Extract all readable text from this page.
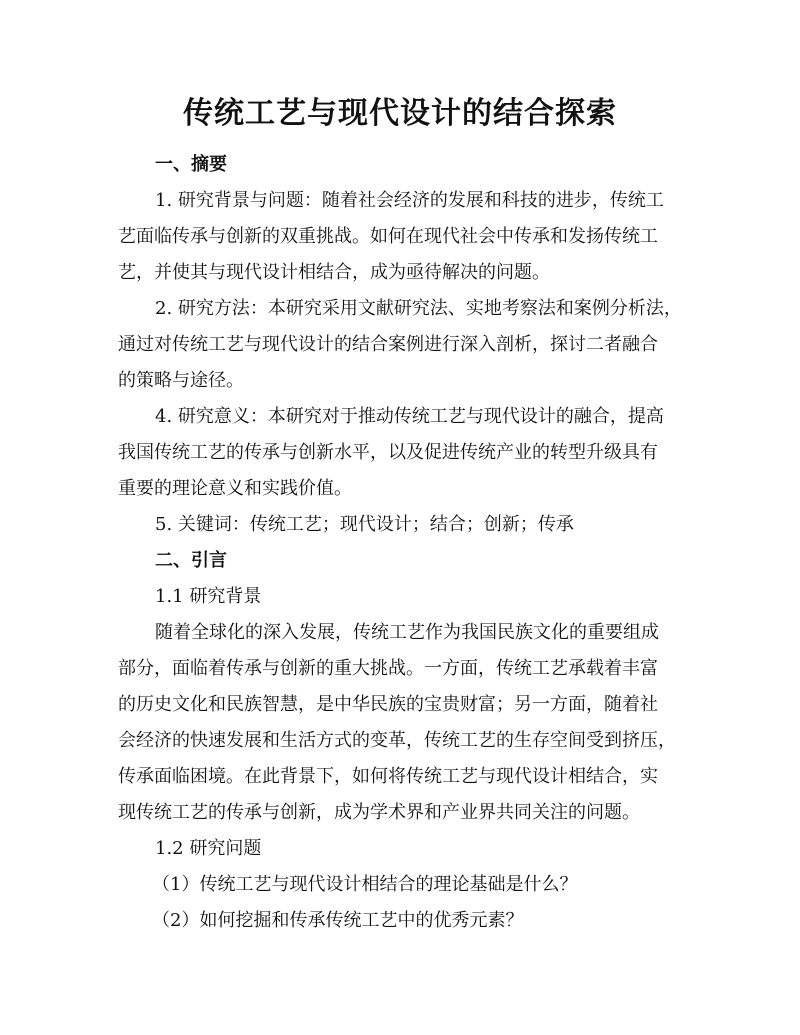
传统工艺与现代设计的结合探索

一、摘要

1. 研究背景与问题：随着社会经济的发展和科技的进步，传统工

艺面临传承与创新的双重挑战。如何在现代社会中传承和发扬传统工

艺，并使其与现代设计相结合，成为亟待解决的问题。

2. 研究方法：本研究采用文献研究法、实地考察法和案例分析法，

通过对传统工艺与现代设计的结合案例进行深入剖析，探讨二者融合

的策略与途径。

4. 研究意义：本研究对于推动传统工艺与现代设计的融合，提高

我国传统工艺的传承与创新水平，以及促进传统产业的转型升级具有

重要的理论意义和实践价值。

5. 关键词：传统工艺；现代设计；结合；创新；传承

二、引言

1.1 研究背景

随着全球化的深入发展，传统工艺作为我国民族文化的重要组成

部分，面临着传承与创新的重大挑战。一方面，传统工艺承载着丰富

的历史文化和民族智慧，是中华民族的宝贵财富；另一方面，随着社

会经济的快速发展和生活方式的变革，传统工艺的生存空间受到挤压，

传承面临困境。在此背景下，如何将传统工艺与现代设计相结合，实

现传统工艺的传承与创新，成为学术界和产业界共同关注的问题。

1.2 研究问题

（1）传统工艺与现代设计相结合的理论基础是什么？

（2）如何挖掘和传承传统工艺中的优秀元素？
